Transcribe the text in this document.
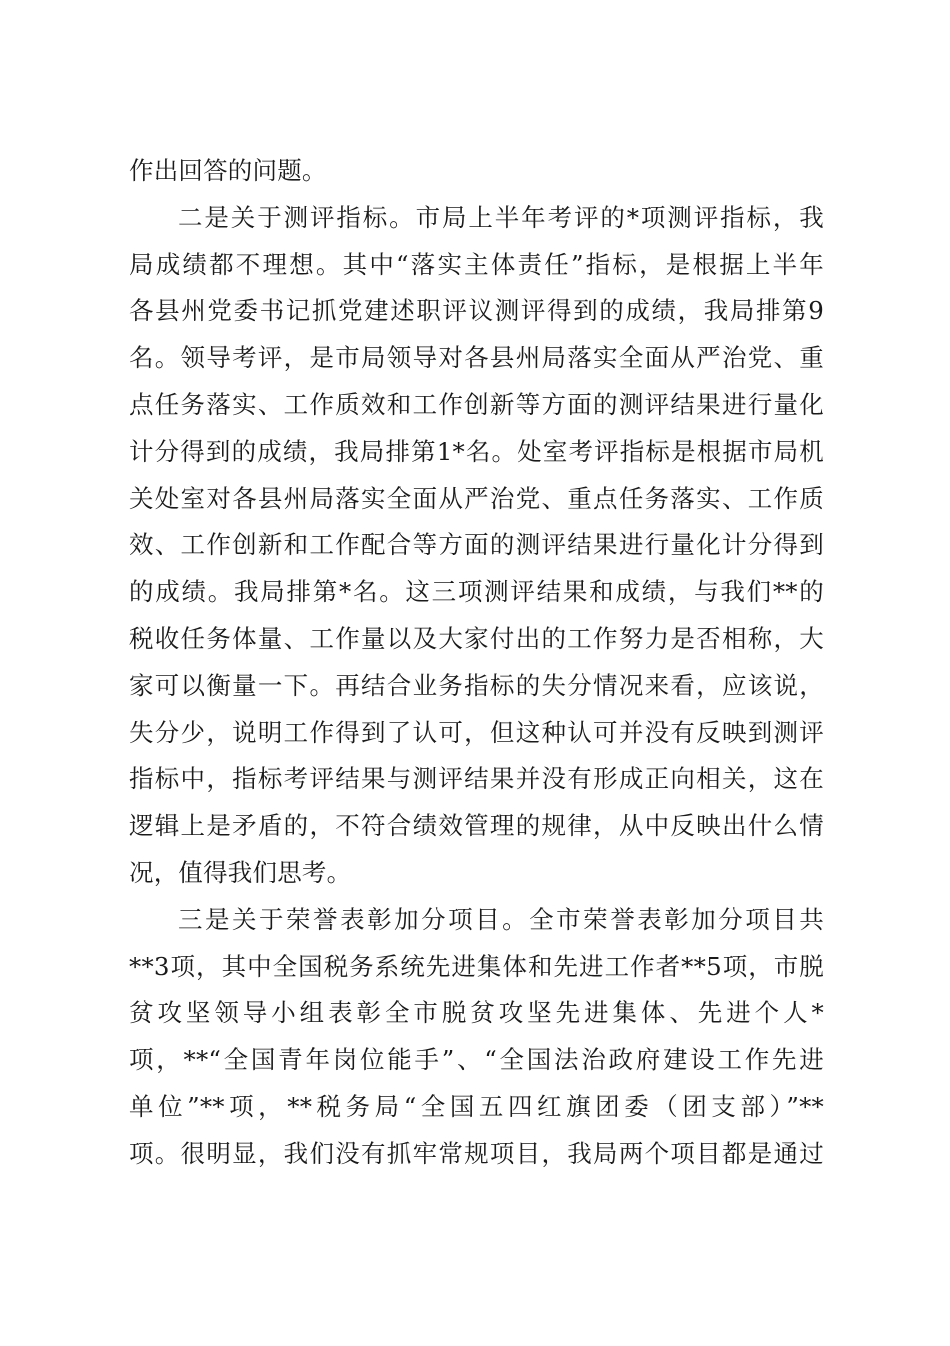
作出回答的问题。
二是关于测评指标。市局上半年考评的*项测评指标，我
局成绩都不理想。其中“落实主体责任”指标，是根据上半年
各县州党委书记抓党建述职评议测评得到的成绩，我局排第9
名。领导考评，是市局领导对各县州局落实全面从严治党、重
点任务落实、工作质效和工作创新等方面的测评结果进行量化
计分得到的成绩，我局排第1*名。处室考评指标是根据市局机
关处室对各县州局落实全面从严治党、重点任务落实、工作质
效、工作创新和工作配合等方面的测评结果进行量化计分得到
的成绩。我局排第*名。这三项测评结果和成绩，与我们**的
税收任务体量、工作量以及大家付出的工作努力是否相称，大
家可以衡量一下。再结合业务指标的失分情况来看，应该说，
失分少，说明工作得到了认可，但这种认可并没有反映到测评
指标中，指标考评结果与测评结果并没有形成正向相关，这在
逻辑上是矛盾的，不符合绩效管理的规律，从中反映出什么情
况，值得我们思考。
三是关于荣誉表彰加分项目。全市荣誉表彰加分项目共
**3项，其中全国税务系统先进集体和先进工作者**5项，市脱
贫攻坚领导小组表彰全市脱贫攻坚先进集体、先进个人*
项，**“全国青年岗位能手”、“全国法治政府建设工作先进
单位”**项，**税务局“全国五四红旗团委（团支部）”**
项。很明显，我们没有抓牢常规项目，我局两个项目都是通过
